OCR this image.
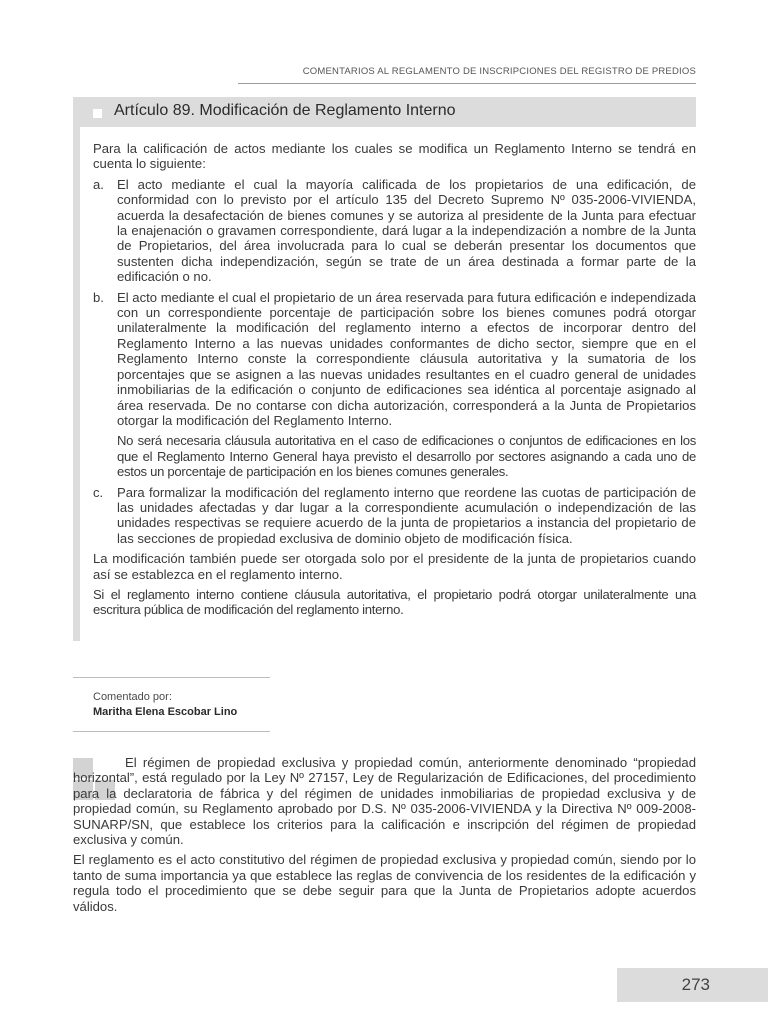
COMENTARIOS AL REGLAMENTO DE INSCRIPCIONES DEL REGISTRO DE PREDIOS
Artículo 89. Modificación de Reglamento Interno

Para la calificación de actos mediante los cuales se modifica un Reglamento Interno se tendrá en cuenta lo siguiente:

a. El acto mediante el cual la mayoría calificada de los propietarios de una edificación, de conformidad con lo previsto por el artículo 135 del Decreto Supremo Nº 035-2006-VIVIENDA, acuerda la desafectación de bienes comunes y se autoriza al presidente de la Junta para efectuar la enajenación o gravamen correspondiente, dará lugar a la independización a nombre de la Junta de Propietarios, del área involucrada para lo cual se deberán presentar los documentos que sustenten dicha independización, según se trate de un área destinada a formar parte de la edificación o no.

b. El acto mediante el cual el propietario de un área reservada para futura edificación e independizada con un correspondiente porcentaje de participación sobre los bienes comunes podrá otorgar unilateralmente la modificación del reglamento interno a efectos de incorporar dentro del Reglamento Interno a las nuevas unidades conformantes de dicho sector, siempre que en el Reglamento Interno conste la correspondiente cláusula autoritativa y la sumatoria de los porcentajes que se asignen a las nuevas unidades resultantes en el cuadro general de unidades inmobiliarias de la edificación o conjunto de edificaciones sea idéntica al porcentaje asignado al área reservada. De no contarse con dicha autorización, corresponderá a la Junta de Propietarios otorgar la modificación del Reglamento Interno.

No será necesaria cláusula autoritativa en el caso de edificaciones o conjuntos de edificaciones en los que el Reglamento Interno General haya previsto el desarrollo por sectores asignando a cada uno de estos un porcentaje de participación en los bienes comunes generales.

c. Para formalizar la modificación del reglamento interno que reordene las cuotas de participación de las unidades afectadas y dar lugar a la correspondiente acumulación o independización de las unidades respectivas se requiere acuerdo de la junta de propietarios a instancia del propietario de las secciones de propiedad exclusiva de dominio objeto de modificación física.

La modificación también puede ser otorgada solo por el presidente de la junta de propietarios cuando así se establezca en el reglamento interno.

Si el reglamento interno contiene cláusula autoritativa, el propietario podrá otorgar unilateralmente una escritura pública de modificación del reglamento interno.

Comentado por:
Maritha Elena Escobar Lino

El régimen de propiedad exclusiva y propiedad común, anteriormente denominado “propiedad horizontal”, está regulado por la Ley Nº 27157, Ley de Regularización de Edificaciones, del procedimiento para la declaratoria de fábrica y del régimen de unidades inmobiliarias de propiedad exclusiva y de propiedad común, su Reglamento aprobado por D.S. Nº 035-2006-VIVIENDA y la Directiva Nº 009-2008-SUNARP/SN, que establece los criterios para la calificación e inscripción del régimen de propiedad exclusiva y común.

El reglamento es el acto constitutivo del régimen de propiedad exclusiva y propiedad común, siendo por lo tanto de suma importancia ya que establece las reglas de convivencia de los residentes de la edificación y regula todo el procedimiento que se debe seguir para que la Junta de Propietarios adopte acuerdos válidos.

273
